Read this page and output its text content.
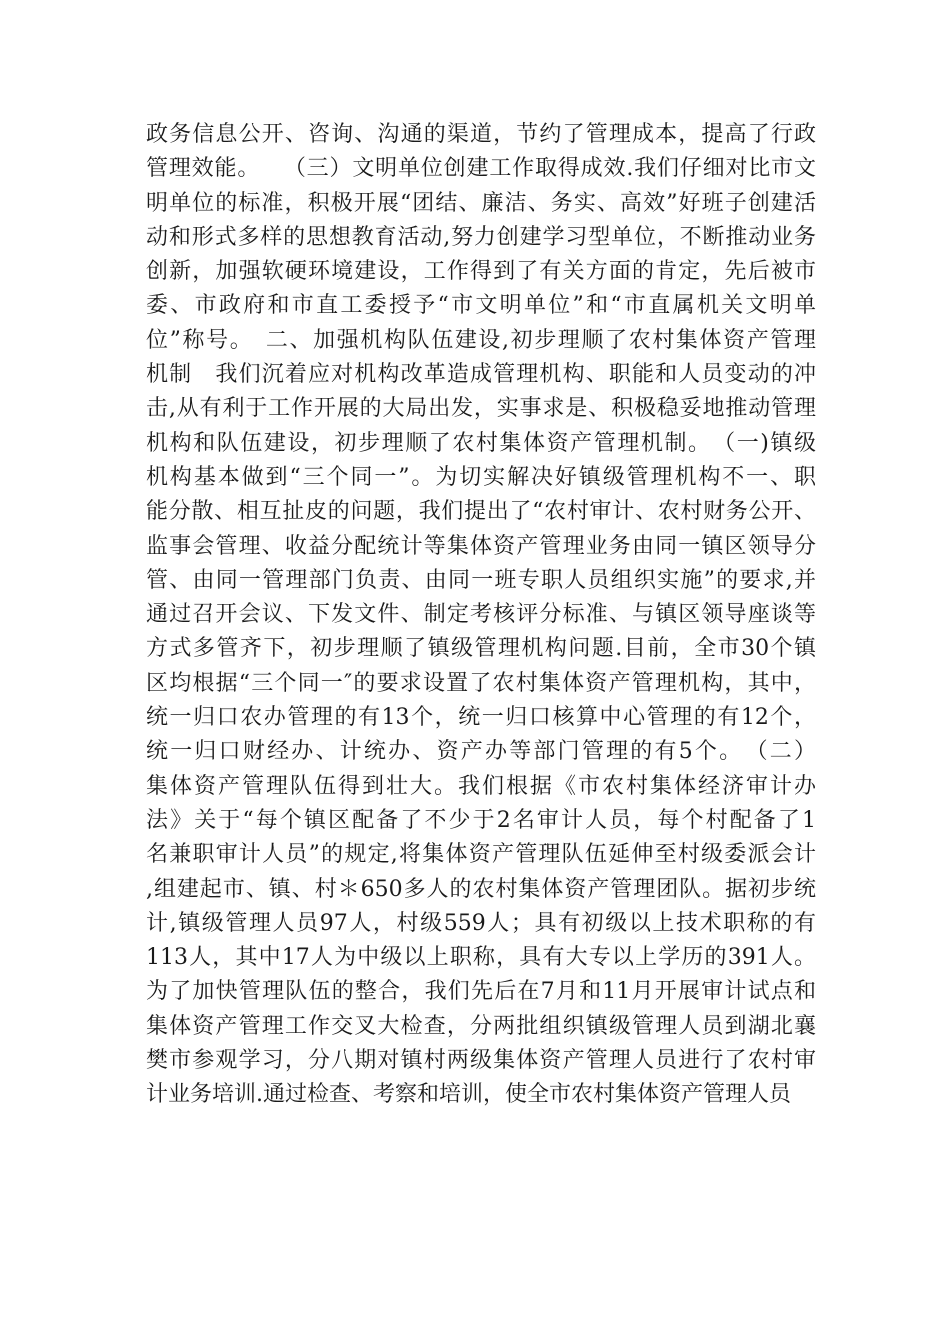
政务信息公开、咨询、沟通的渠道，节约了管理成本，提高了行政
管理效能。　　（三）文明单位创建工作取得成效.我们仔细对比市文
明单位的标准，积极开展“团结、廉洁、务实、高效”好班子创建活
动和形式多样的思想教育活动,努力创建学习型单位，不断推动业务
创新，加强软硬环境建设，工作得到了有关方面的肯定，先后被市
委、市政府和市直工委授予“市文明单位”和“市直属机关文明单
位”称号。　二、加强机构队伍建设,初步理顺了农村集体资产管理
机制　我们沉着应对机构改革造成管理机构、职能和人员变动的冲
击,从有利于工作开展的大局出发，实事求是、积极稳妥地推动管理
机构和队伍建设，初步理顺了农村集体资产管理机制。　（一)镇级
机构基本做到“三个同一”。为切实解决好镇级管理机构不一、职
能分散、相互扯皮的问题，我们提出了“农村审计、农村财务公开、
监事会管理、收益分配统计等集体资产管理业务由同一镇区领导分
管、由同一管理部门负责、由同一班专职人员组织实施”的要求,并
通过召开会议、下发文件、制定考核评分标准、与镇区领导座谈等
方式多管齐下，初步理顺了镇级管理机构问题.目前，全市30个镇
区均根据“三个同一″的要求设置了农村集体资产管理机构，其中，
统一归口农办管理的有13个，统一归口核算中心管理的有12个，
统一归口财经办、计统办、资产办等部门管理的有5个。　（二）
集体资产管理队伍得到壮大。我们根据《市农村集体经济审计办
法》关于“每个镇区配备了不少于2名审计人员，每个村配备了1
名兼职审计人员”的规定,将集体资产管理队伍延伸至村级委派会计
,组建起市、镇、村＊650多人的农村集体资产管理团队。据初步统
计,镇级管理人员97人，村级559人；具有初级以上技术职称的有
113人，其中17人为中级以上职称，具有大专以上学历的391人。
为了加快管理队伍的整合，我们先后在7月和11月开展审计试点和
集体资产管理工作交叉大检查，分两批组织镇级管理人员到湖北襄
樊市参观学习，分八期对镇村两级集体资产管理人员进行了农村审
计业务培训.通过检查、考察和培训，使全市农村集体资产管理人员
